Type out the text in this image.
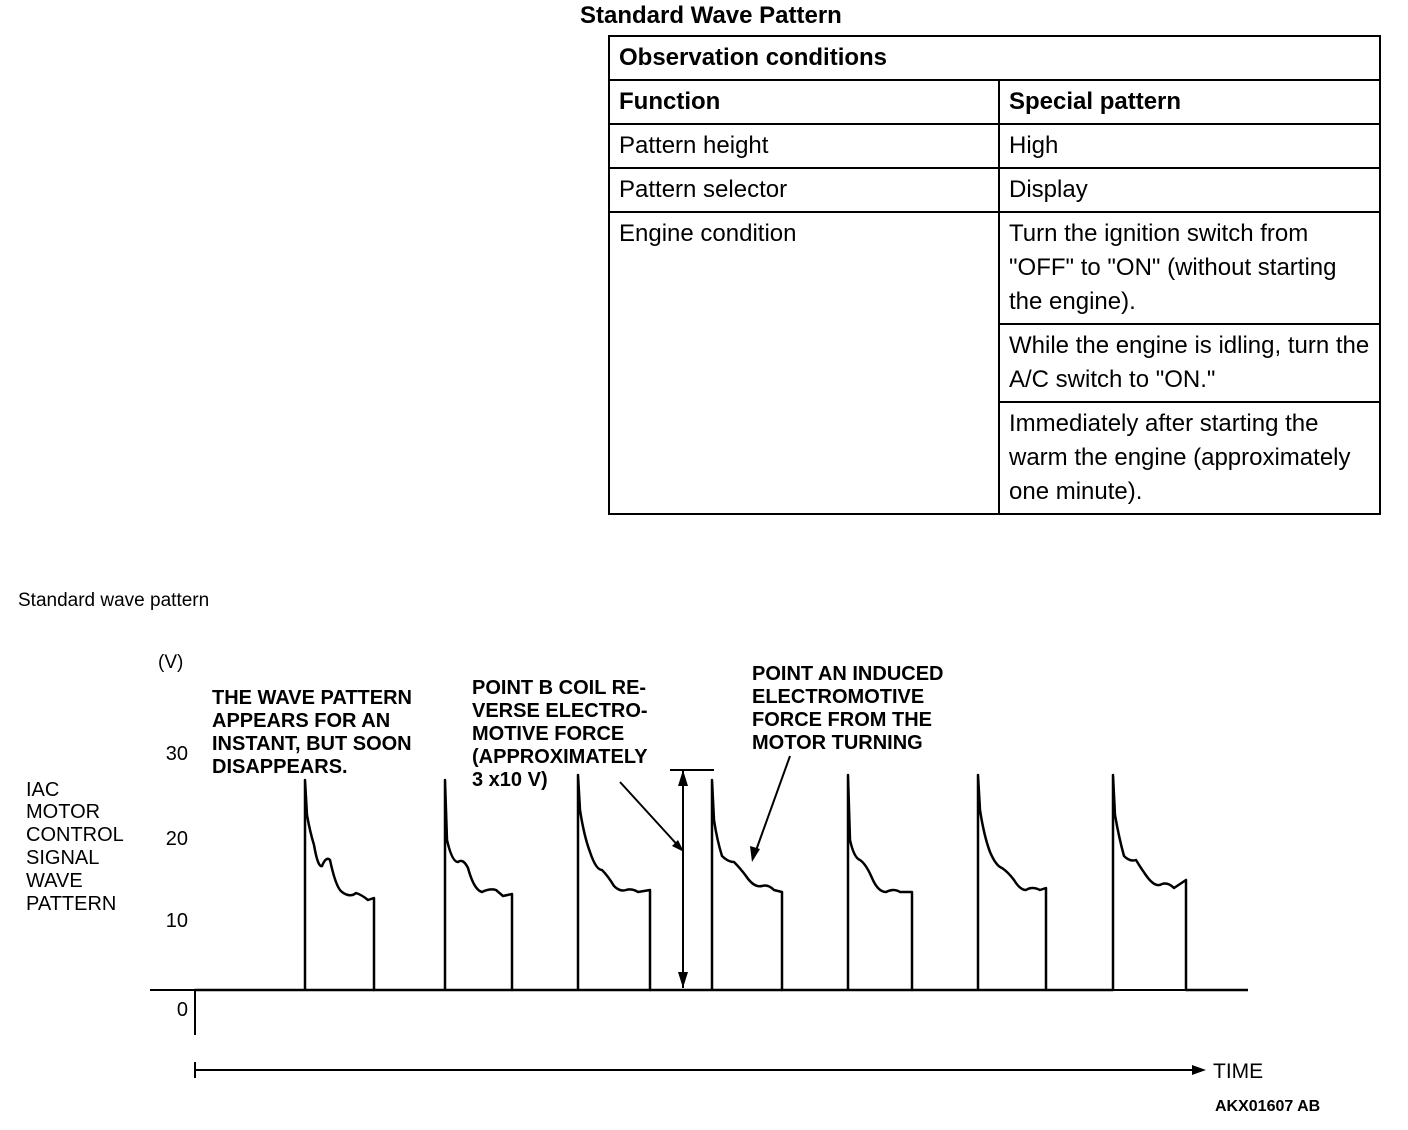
Standard Wave Pattern
Observation conditions	
Function	Special pattern
Pattern height	High
Pattern selector	Display
Engine condition	Turn the ignition switch from "OFF" to "ON" (without starting the engine).
	While the engine is idling, turn the A/C switch to "ON."
	Immediately after starting the warm the engine (approximately one minute).
Standard wave pattern
(V)
30
20
10
0
IAC
MOTOR
CONTROL
SIGNAL
WAVE
PATTERN
THE WAVE PATTERN
APPEARS FOR AN
INSTANT, BUT SOON
DISAPPEARS.
POINT B COIL RE-
VERSE ELECTRO-
MOTIVE FORCE
(APPROXIMATELY
3 x10 V)
POINT AN INDUCED
ELECTROMOTIVE
FORCE FROM THE
MOTOR TURNING
TIME
AKX01607 AB
